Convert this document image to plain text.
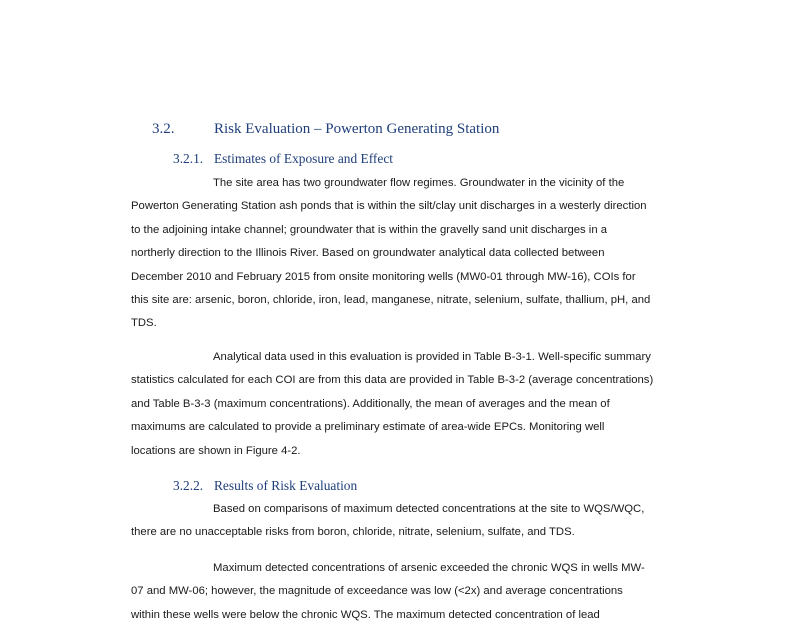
3.2.	Risk Evaluation – Powerton Generating Station
3.2.1. Estimates of Exposure and Effect
The site area has two groundwater flow regimes. Groundwater in the vicinity of the
Powerton Generating Station ash ponds that is within the silt/clay unit discharges in a westerly direction
to the adjoining intake channel; groundwater that is within the gravelly sand unit discharges in a
northerly direction to the Illinois River. Based on groundwater analytical data collected between
December 2010 and February 2015 from onsite monitoring wells (MW0-01 through MW-16), COIs for
this site are: arsenic, boron, chloride, iron, lead, manganese, nitrate, selenium, sulfate, thallium, pH, and
TDS.
Analytical data used in this evaluation is provided in Table B-3-1. Well-specific summary
statistics calculated for each COI are from this data are provided in Table B-3-2 (average concentrations)
and Table B-3-3 (maximum concentrations). Additionally, the mean of averages and the mean of
maximums are calculated to provide a preliminary estimate of area-wide EPCs. Monitoring well
locations are shown in Figure 4-2.
3.2.2. Results of Risk Evaluation
Based on comparisons of maximum detected concentrations at the site to WQS/WQC,
there are no unacceptable risks from boron, chloride, nitrate, selenium, sulfate, and TDS.
Maximum detected concentrations of arsenic exceeded the chronic WQS in wells MW-
07 and MW-06; however, the magnitude of exceedance was low (<2x) and average concentrations
within these wells were below the chronic WQS. The maximum detected concentration of lead
